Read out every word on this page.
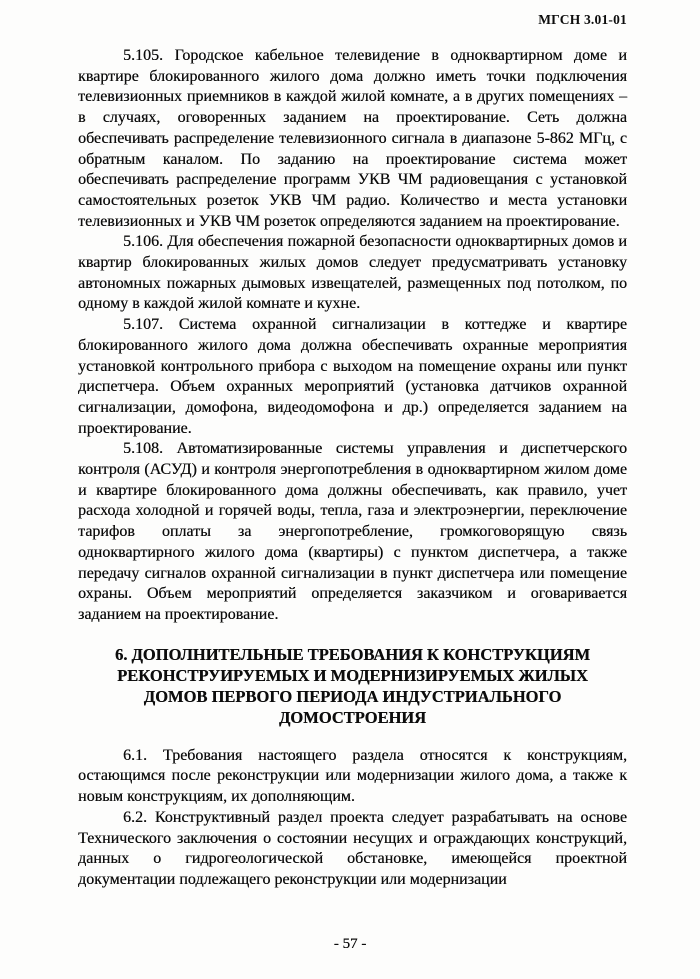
МГСН 3.01-01

5.105. Городское кабельное телевидение в одноквартирном доме и квартире блокированного жилого дома должно иметь точки подключения телевизионных приемников в каждой жилой комнате, а в других помещениях – в случаях, оговоренных заданием на проектирование. Сеть должна обеспечивать распределение телевизионного сигнала в диапазоне 5-862 МГц, с обратным каналом. По заданию на проектирование система может обеспечивать распределение программ УКВ ЧМ радиовещания с установкой самостоятельных розеток УКВ ЧМ радио. Количество и места установки телевизионных и УКВ ЧМ розеток определяются заданием на проектирование.

5.106. Для обеспечения пожарной безопасности одноквартирных домов и квартир блокированных жилых домов следует предусматривать установку автономных пожарных дымовых извещателей, размещенных под потолком, по одному в каждой жилой комнате и кухне.

5.107. Система охранной сигнализации в коттедже и квартире блокированного жилого дома должна обеспечивать охранные мероприятия установкой контрольного прибора с выходом на помещение охраны или пункт диспетчера. Объем охранных мероприятий (установка датчиков охранной сигнализации, домофона, видеодомофона и др.) определяется заданием на проектирование.

5.108. Автоматизированные системы управления и диспетчерского контроля (АСУД) и контроля энергопотребления в одноквартирном жилом доме и квартире блокированного дома должны обеспечивать, как правило, учет расхода холодной и горячей воды, тепла, газа и электроэнергии, переключение тарифов оплаты за энергопотребление, громкоговорящую связь одноквартирного жилого дома (квартиры) с пунктом диспетчера, а также передачу сигналов охранной сигнализации в пункт диспетчера или помещение охраны. Объем мероприятий определяется заказчиком и оговаривается заданием на проектирование.

6. ДОПОЛНИТЕЛЬНЫЕ ТРЕБОВАНИЯ К КОНСТРУКЦИЯМ
РЕКОНСТРУИРУЕМЫХ И МОДЕРНИЗИРУЕМЫХ ЖИЛЫХ
ДОМОВ ПЕРВОГО ПЕРИОДА ИНДУСТРИАЛЬНОГО
ДОМОСТРОЕНИЯ

6.1. Требования настоящего раздела относятся к конструкциям, остающимся после реконструкции или модернизации жилого дома, а также к новым конструкциям, их дополняющим.

6.2. Конструктивный раздел проекта следует разрабатывать на основе Технического заключения о состоянии несущих и ограждающих конструкций, данных о гидрогеологической обстановке, имеющейся проектной документации подлежащего реконструкции или модернизации

- 57 -
